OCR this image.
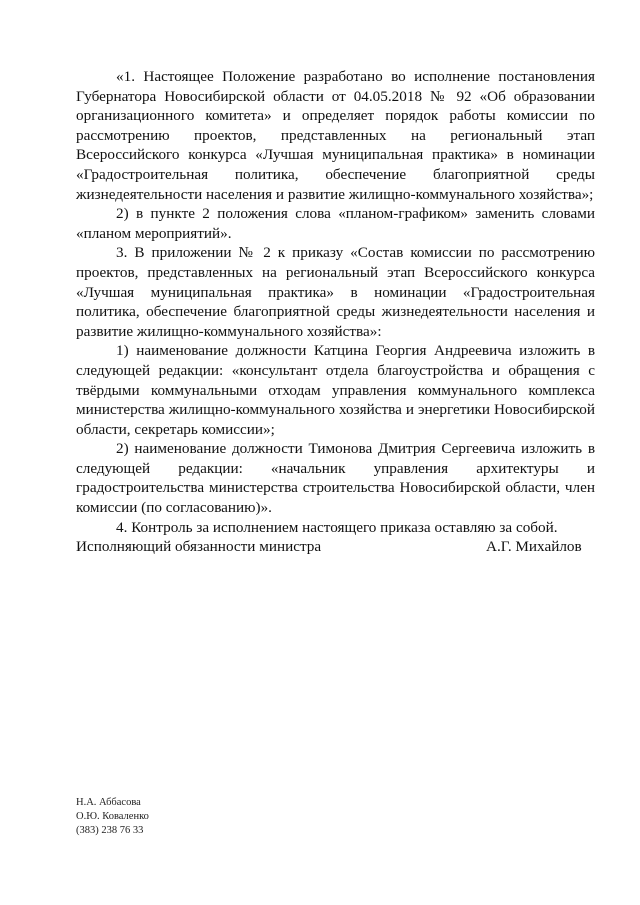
«1. Настоящее Положение разработано во исполнение постановления Губернатора Новосибирской области от 04.05.2018 № 92 «Об образовании организационного комитета» и определяет порядок работы комиссии по рассмотрению проектов, представленных на региональный этап Всероссийского конкурса «Лучшая муниципальная практика» в номинации «Градостроительная политика, обеспечение благоприятной среды жизнедеятельности населения и развитие жилищно-коммунального хозяйства»;

2) в пункте 2 положения слова «планом-графиком» заменить словами «планом мероприятий».

3. В приложении № 2 к приказу «Состав комиссии по рассмотрению проектов, представленных на региональный этап Всероссийского конкурса «Лучшая муниципальная практика» в номинации «Градостроительная политика, обеспечение благоприятной среды жизнедеятельности населения и развитие жилищно-коммунального хозяйства»:

1) наименование должности Катцина Георгия Андреевича изложить в следующей редакции: «консультант отдела благоустройства и обращения с твёрдыми коммунальными отходам управления коммунального комплекса министерства жилищно-коммунального хозяйства и энергетики Новосибирской области, секретарь комиссии»;

2) наименование должности Тимонова Дмитрия Сергеевича изложить в следующей редакции: «начальник управления архитектуры и градостроительства министерства строительства Новосибирской области, член комиссии (по согласованию)».

4. Контроль за исполнением настоящего приказа оставляю за собой.

Исполняющий обязанности министра	А.Г. Михайлов
Н.А. Аббасова
О.Ю. Коваленко
(383) 238 76 33
